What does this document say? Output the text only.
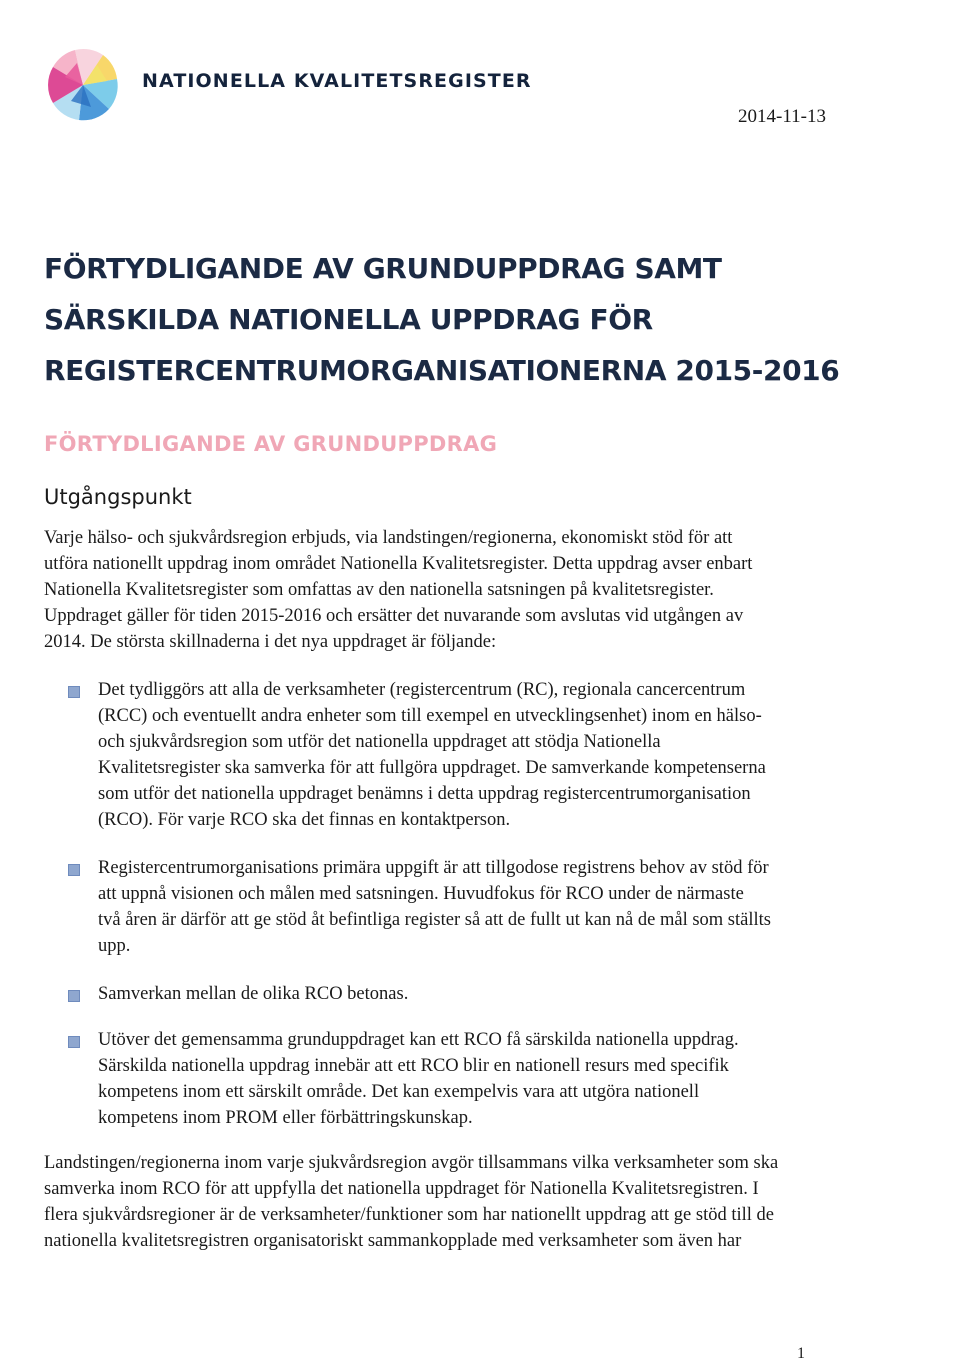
NATIONELLA KVALITETSREGISTER
2014-11-13
FÖRTYDLIGANDE AV GRUNDUPPDRAG SAMT
SÄRSKILDA NATIONELLA UPPDRAG FÖR
REGISTERCENTRUMORGANISATIONERNA 2015-2016
FÖRTYDLIGANDE AV GRUNDUPPDRAG
Utgångspunkt
Varje hälso- och sjukvårdsregion erbjuds, via landstingen/regionerna, ekonomiskt stöd för att
utföra nationellt uppdrag inom området Nationella Kvalitetsregister. Detta uppdrag avser enbart
Nationella Kvalitetsregister som omfattas av den nationella satsningen på kvalitetsregister.
Uppdraget gäller för tiden 2015-2016 och ersätter det nuvarande som avslutas vid utgången av
2014. De största skillnaderna i det nya uppdraget är följande:
Det tydliggörs att alla de verksamheter (registercentrum (RC), regionala cancercentrum
(RCC) och eventuellt andra enheter som till exempel en utvecklingsenhet) inom en hälso-
och sjukvårdsregion som utför det nationella uppdraget att stödja Nationella
Kvalitetsregister ska samverka för att fullgöra uppdraget. De samverkande kompetenserna
som utför det nationella uppdraget benämns i detta uppdrag registercentrumorganisation
(RCO). För varje RCO ska det finnas en kontaktperson.
Registercentrumorganisations primära uppgift är att tillgodose registrens behov av stöd för
att uppnå visionen och målen med satsningen. Huvudfokus för RCO under de närmaste
två åren är därför att ge stöd åt befintliga register så att de fullt ut kan nå de mål som ställts
upp.
Samverkan mellan de olika RCO betonas.
Utöver det gemensamma grunduppdraget kan ett RCO få särskilda nationella uppdrag.
Särskilda nationella uppdrag innebär att ett RCO blir en nationell resurs med specifik
kompetens inom ett särskilt område. Det kan exempelvis vara att utgöra nationell
kompetens inom PROM eller förbättringskunskap.
Landstingen/regionerna inom varje sjukvårdsregion avgör tillsammans vilka verksamheter som ska
samverka inom RCO för att uppfylla det nationella uppdraget för Nationella Kvalitetsregistren. I
flera sjukvårdsregioner är de verksamheter/funktioner som har nationellt uppdrag att ge stöd till de
nationella kvalitetsregistren organisatoriskt sammankopplade med verksamheter som även har
1
